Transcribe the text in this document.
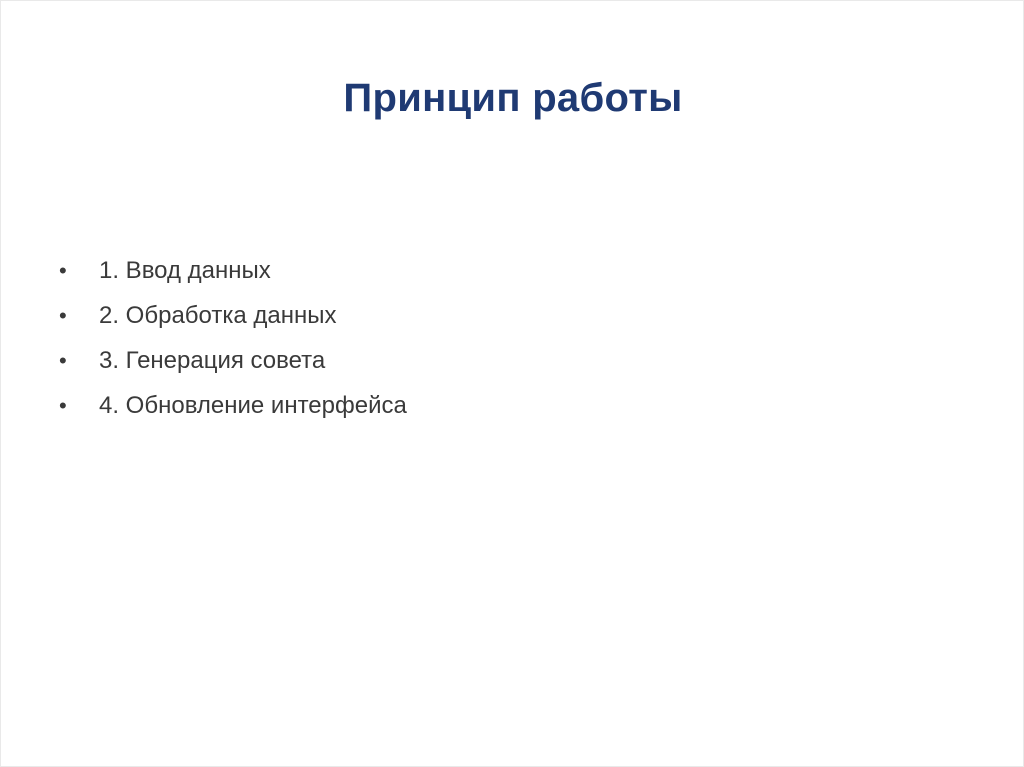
Принцип работы
•	1. Ввод данных
•	2. Обработка данных
•	3. Генерация совета
•	4. Обновление интерфейса
